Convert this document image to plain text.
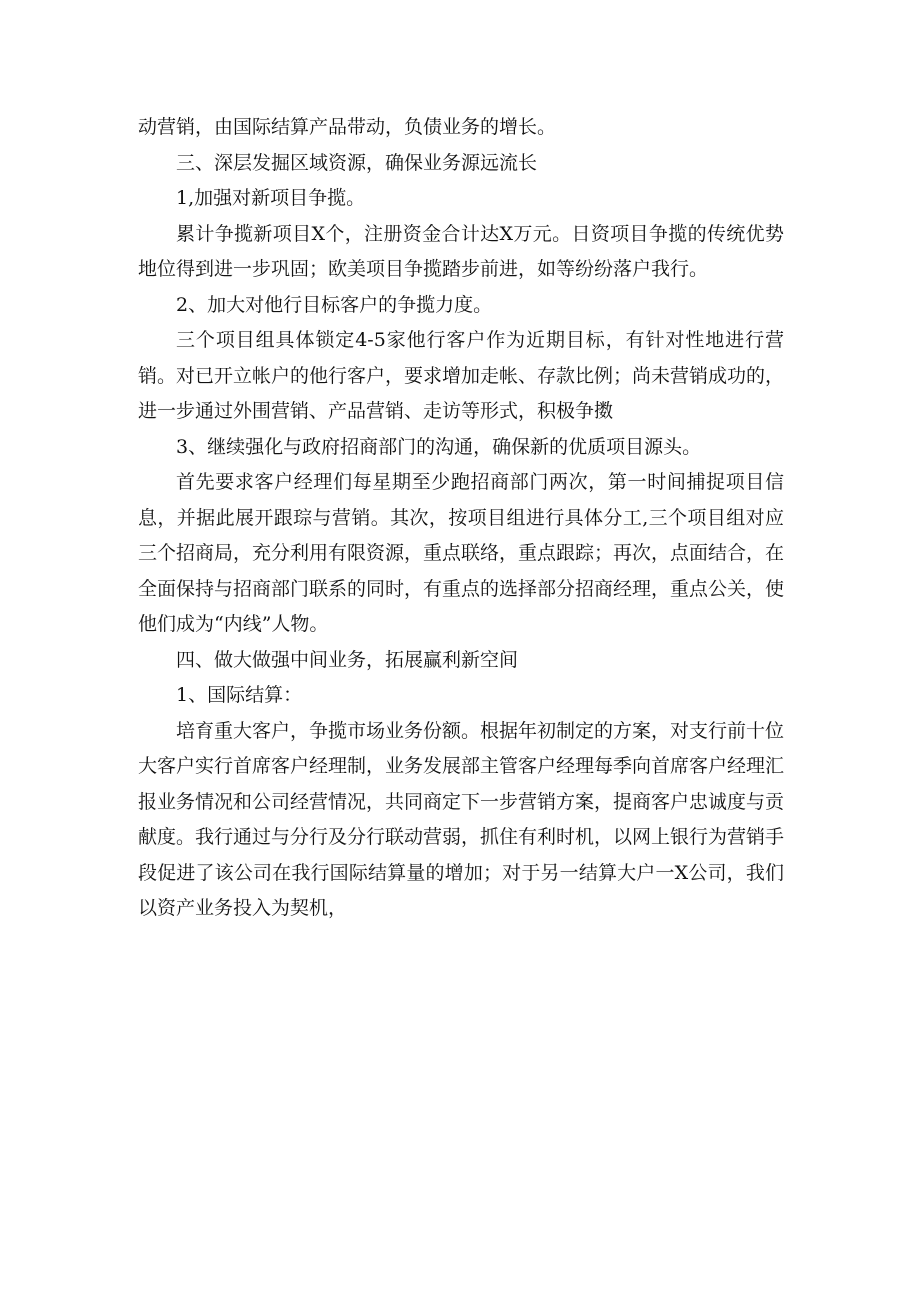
动营销，由国际结算产品带动，负债业务的增长。

三、深层发掘区域资源，确保业务源远流长

1,加强对新项目争揽。

累计争揽新项目X个，注册资金合计达X万元。日资项目争揽的传统优势地位得到进一步巩固；欧美项目争揽踏步前进，如等纷纷落户我行。

2、加大对他行目标客户的争揽力度。

三个项目组具体锁定4-5家他行客户作为近期目标，有针对性地进行营销。对已开立帐户的他行客户，要求增加走帐、存款比例；尚未营销成功的，进一步通过外围营销、产品营销、走访等形式，积极争擞

3、继续强化与政府招商部门的沟通，确保新的优质项目源头。

首先要求客户经理们每星期至少跑招商部门两次，第一时间捕捉项目信息，并据此展开跟琮与营销。其次，按项目组进行具体分工,三个项目组对应三个招商局，充分利用有限资源，重点联络，重点跟踪；再次，点面结合，在全面保持与招商部门联系的同时，有重点的选择部分招商经理，重点公关，使他们成为“内线”人物。

四、做大做强中间业务，拓展赢利新空间

1、国际结算：

培育重大客户，争揽市场业务份额。根据年初制定的方案，对支行前十位大客户实行首席客户经理制，业务发展部主管客户经理每季向首席客户经理汇报业务情况和公司经营情况，共同商定下一步营销方案，提商客户忠诚度与贡献度。我行通过与分行及分行联动营弱，抓住有利时机，以网上银行为营销手段促进了该公司在我行国际结算量的增加；对于另一结算大户一X公司，我们以资产业务投入为契机，
